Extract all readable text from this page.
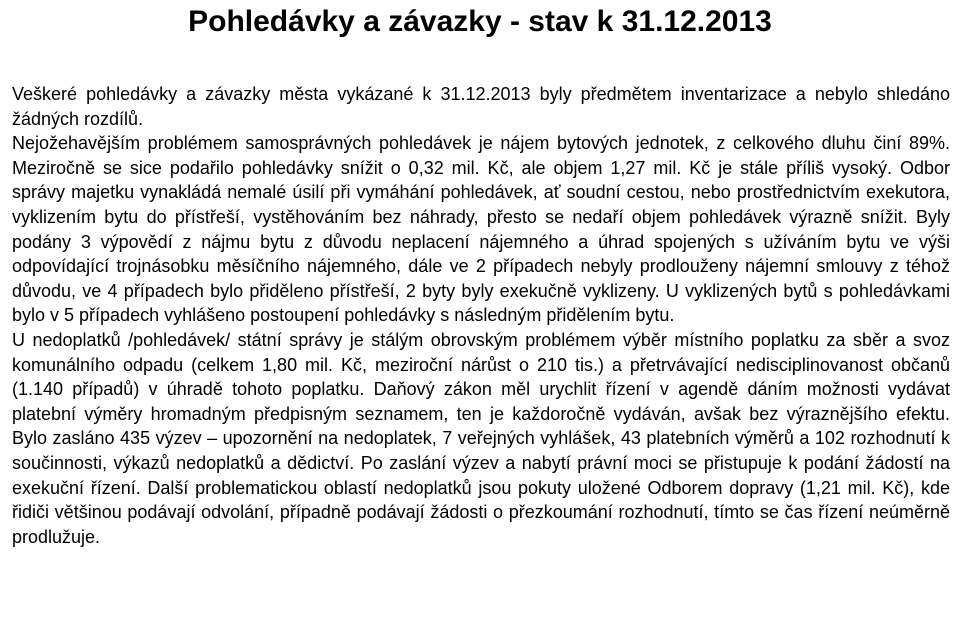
Pohledávky a závazky - stav k 31.12.2013

Veškeré pohledávky a závazky města vykázané k 31.12.2013 byly předmětem inventarizace a nebylo shledáno žádných rozdílů.

Nejožehavějším problémem samosprávných pohledávek je nájem bytových jednotek, z celkového dluhu činí 89%. Meziročně se sice podařilo pohledávky snížit o 0,32 mil. Kč, ale objem 1,27 mil. Kč je stále příliš vysoký. Odbor správy majetku vynakládá nemalé úsilí při vymáhání pohledávek, ať soudní cestou, nebo prostřednictvím exekutora, vyklizením bytu do přístřeší, vystěhováním bez náhrady, přesto se nedaří objem pohledávek výrazně snížit. Byly podány 3 výpovědí z nájmu bytu z důvodu neplacení nájemného a úhrad spojených s užíváním bytu ve výši odpovídající trojnásobku měsíčního nájemného, dále ve 2 případech nebyly prodlouženy nájemní smlouvy z téhož důvodu, ve 4 případech bylo přiděleno přístřeší, 2 byty byly exekučně vyklizeny. U vyklizených bytů s pohledávkami bylo v 5 případech vyhlášeno postoupení pohledávky s následným přidělením bytu.

U nedoplatků /pohledávek/ státní správy je stálým obrovským problémem výběr místního poplatku za sběr a svoz komunálního odpadu (celkem 1,80 mil. Kč, meziroční nárůst o 210 tis.) a přetrvávající nedisciplinovanost občanů (1.140 případů) v úhradě tohoto poplatku. Daňový zákon měl urychlit řízení v agendě dáním možnosti vydávat platební výměry hromadným předpisným seznamem, ten je každoročně vydáván, avšak bez výraznějšího efektu. Bylo zasláno 435 výzev – upozornění na nedoplatek, 7 veřejných vyhlášek, 43 platebních výměrů a 102 rozhodnutí k součinnosti, výkazů nedoplatků a dědictví. Po zaslání výzev a nabytí právní moci se přistupuje k podání žádostí na exekuční řízení. Další problematickou oblastí nedoplatků jsou pokuty uložené Odborem dopravy (1,21 mil. Kč), kde řidiči většinou podávají odvolání, případně podávají žádosti o přezkoumání rozhodnutí, tímto se čas řízení neúměrně prodlužuje.
